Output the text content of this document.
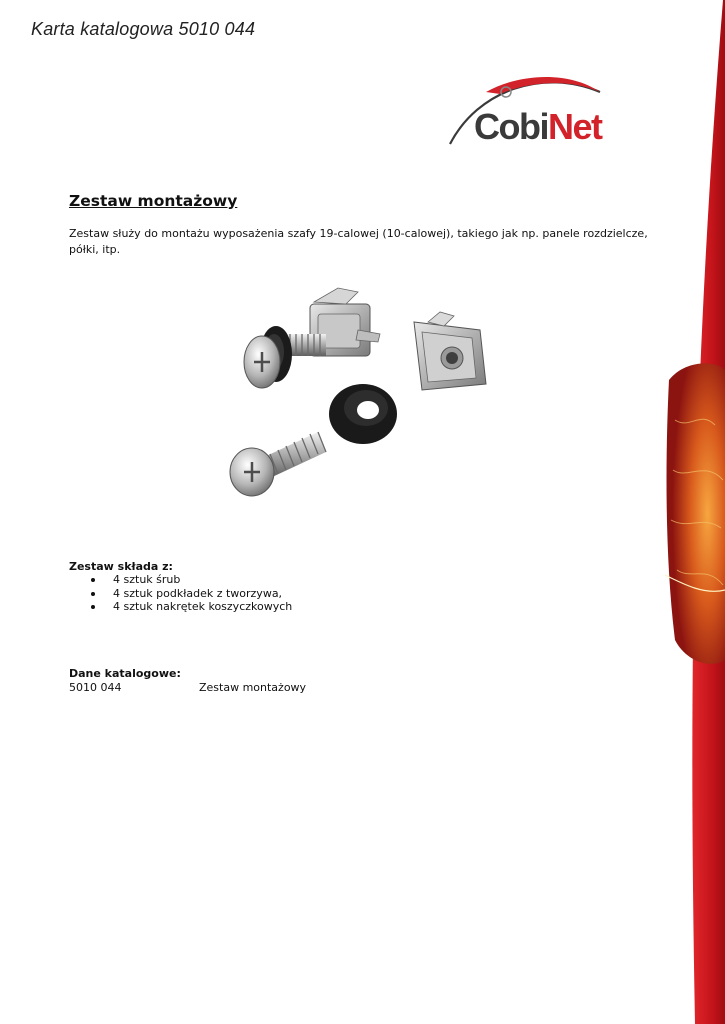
Karta katalogowa 5010 044
CobiNet
Zestaw montażowy
Zestaw służy do montażu wyposażenia szafy 19-calowej (10-calowej), takiego jak np. panele rozdzielcze, półki, itp.
Zestaw składa z:
4 sztuk śrub
4 sztuk podkładek z tworzywa,
4 sztuk nakrętek koszyczkowych
Dane katalogowe:
5010 044	Zestaw montażowy
